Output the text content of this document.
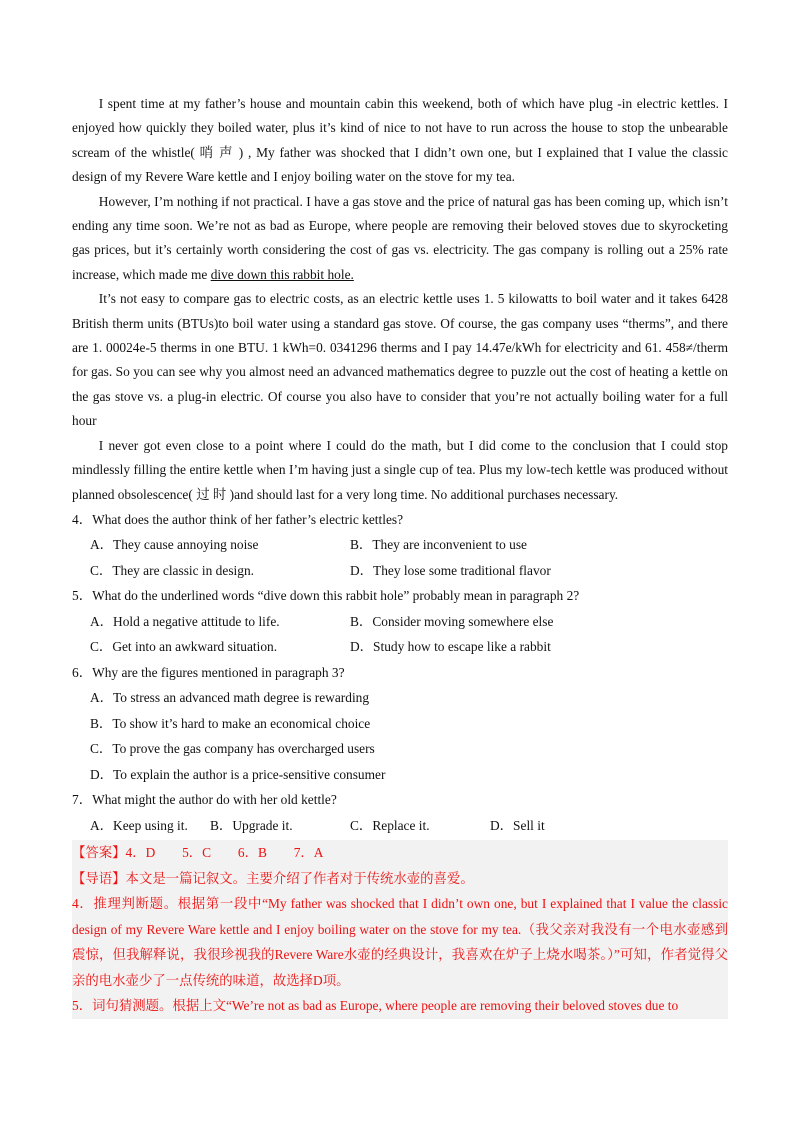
I spent time at my father’s house and mountain cabin this weekend, both of which have plug -in electric kettles. I enjoyed how quickly they boiled water, plus it’s kind of nice to not have to run across the house to stop the unbearable scream of the whistle( 哨 声 ) , My father was shocked that I didn’t own one, but I explained that I value the classic design of my Revere Ware kettle and I enjoy boiling water on the stove for my tea.

However, I’m nothing if not practical. I have a gas stove and the price of natural gas has been coming up, which isn’t ending any time soon. We’re not as bad as Europe, where people are removing their beloved stoves due to skyrocketing gas prices, but it’s certainly worth considering the cost of gas vs. electricity. The gas company is rolling out a 25% rate increase, which made me dive down this rabbit hole.

It’s not easy to compare gas to electric costs, as an electric kettle uses 1. 5 kilowatts to boil water and it takes 6428 British therm units (BTUs)to boil water using a standard gas stove. Of course, the gas company uses “therms”, and there are 1. 00024e-5 therms in one BTU. 1 kWh=0. 0341296 therms and I pay 14.47e/kWh for electricity and 61. 458≠/therm for gas. So you can see why you almost need an advanced mathematics degree to puzzle out the cost of heating a kettle on the gas stove vs. a plug-in electric. Of course you also have to consider that you’re not actually boiling water for a full hour

I never got even close to a point where I could do the math, but I did come to the conclusion that I could stop mindlessly filling the entire kettle when I’m having just a single cup of tea. Plus my low-tech kettle was produced without planned obsolescence( 过 时 )and should last for a very long time. No additional purchases necessary.

4．What does the author think of her father’s electric kettles?

A．They cause annoying noise	B．They are inconvenient to use
C．They are classic in design.	D．They lose some traditional flavor

5．What do the underlined words “dive down this rabbit hole” probably mean in paragraph 2?

A．Hold a negative attitude to life.	B．Consider moving somewhere else
C．Get into an awkward situation.	D．Study how to escape like a rabbit

6．Why are the figures mentioned in paragraph 3?

A．To stress an advanced math degree is rewarding
B．To show it’s hard to make an economical choice
C．To prove the gas company has overcharged users
D．To explain the author is a price-sensitive consumer

7．What might the author do with her old kettle?

A．Keep using it.	B．Upgrade it.	C．Replace it.	D．Sell it

【答案】4．D　　5．C　　6．B　　7．A

【导语】本文是一篇记叙文。主要介绍了作者对于传统水壶的喜爱。

4．推理判断题。根据第一段中“My father was shocked that I didn’t own one, but I explained that I value the classic design of my Revere Ware kettle and I enjoy boiling water on the stove for my tea.（我父亲对我没有一个电水壶感到震惊，但我解释说，我很珍视我的Revere Ware水壶的经典设计，我喜欢在炉子上烧水喝茶。）”可知，作者觉得父亲的电水壶少了一点传统的味道，故选择D项。

5．词句猜测题。根据上文“We’re not as bad as Europe, where people are removing their beloved stoves due to
